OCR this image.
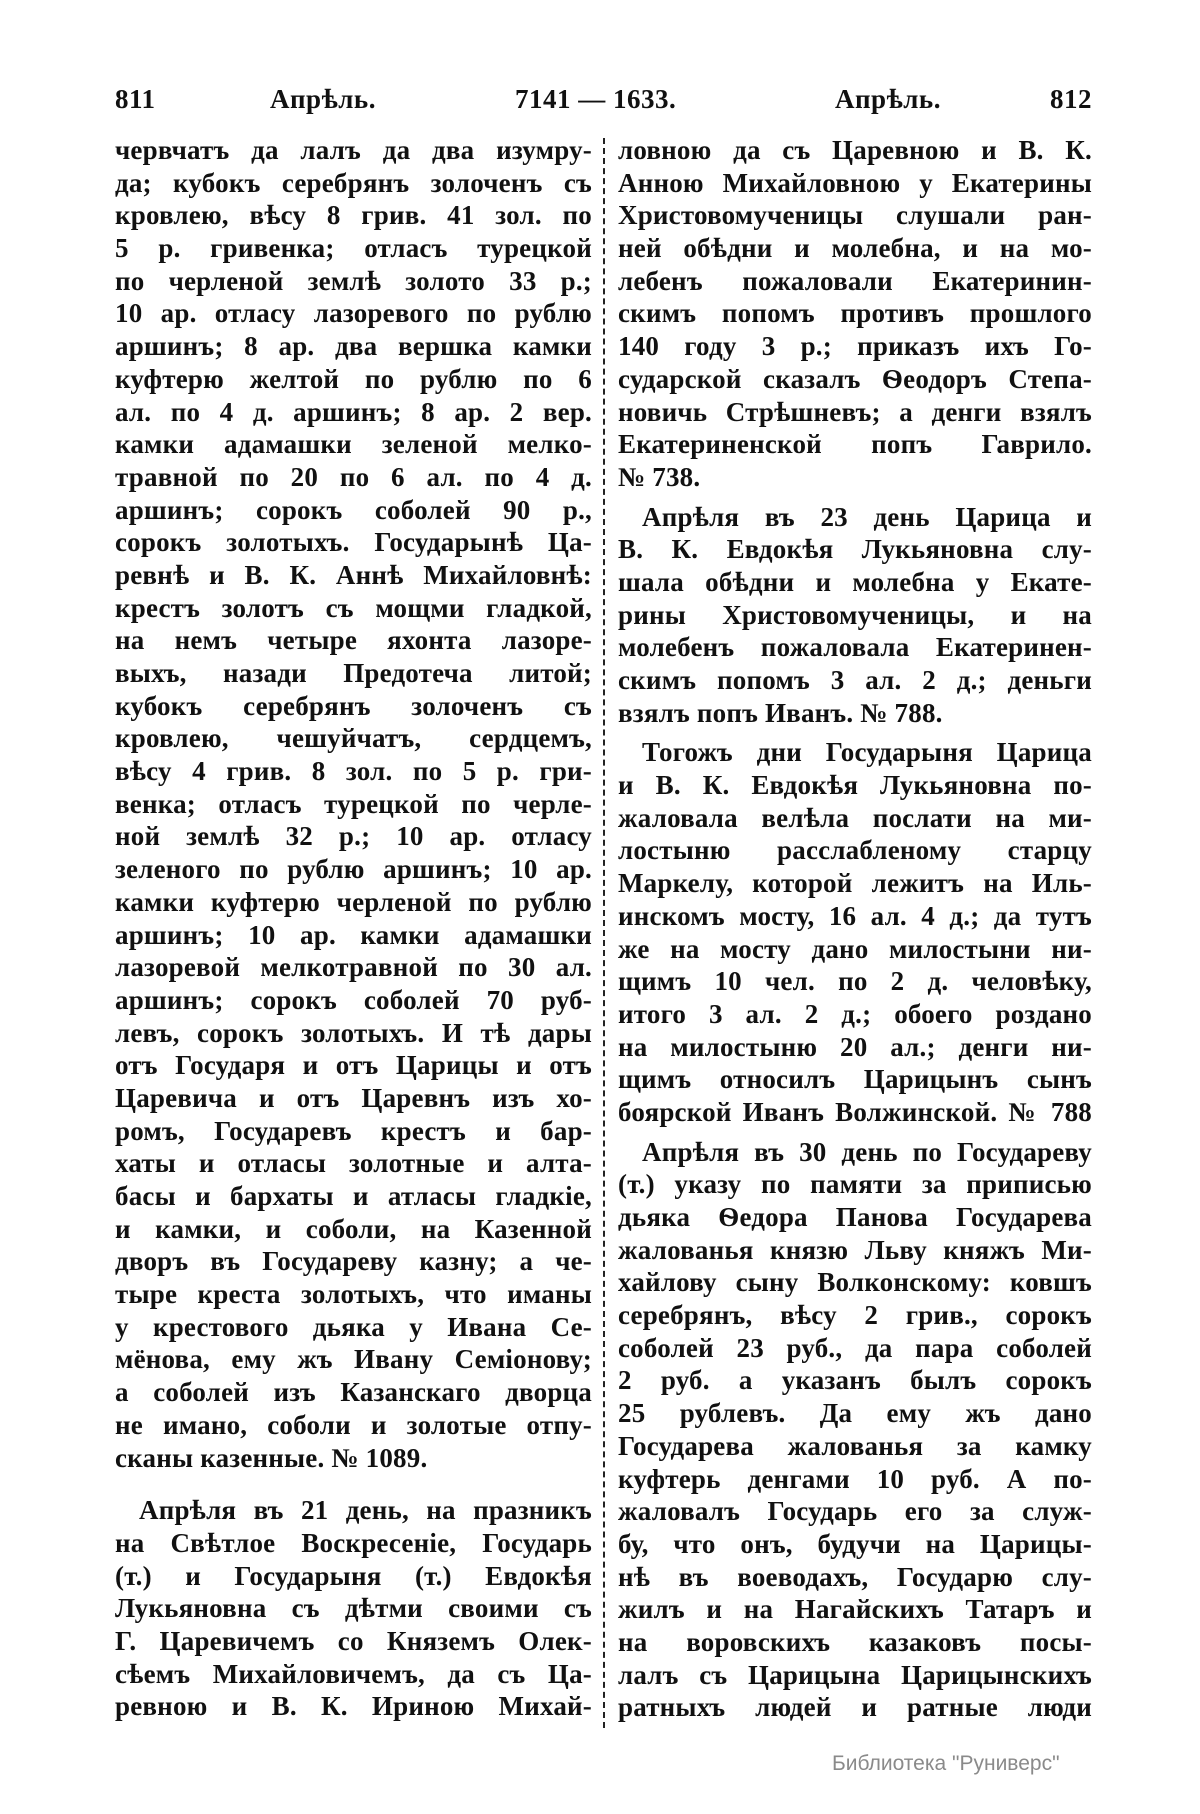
811	Апрѣль.	7141 — 1633.	Апрѣль.	812
червчатъ да лалъ да два изумру-
да; кубокъ серебрянъ золоченъ съ
кровлею, вѣсу 8 грив. 41 зол. по
5 р. гривенка; отласъ турецкой
по черленой землѣ золото 33 р.;
10 ар. отласу лазоревого по рублю
аршинъ; 8 ар. два вершка камки
куфтерю желтой по рублю по 6
ал. по 4 д. аршинъ; 8 ар. 2 вер.
камки адамашки зеленой мелко-
травной по 20 по 6 ал. по 4 д.
аршинъ; сорокъ соболей 90 р.,
сорокъ золотыхъ. Государынѣ Ца-
ревнѣ и В. К. Аннѣ Михайловнѣ:
крестъ золотъ съ мощми гладкой,
на немъ четыре яхонта лазоре-
выхъ, назади Предотеча литой;
кубокъ серебрянъ золоченъ съ
кровлею, чешуйчатъ, сердцемъ,
вѣсу 4 грив. 8 зол. по 5 р. гри-
венка; отласъ турецкой по черле-
ной землѣ 32 р.; 10 ар. отласу
зеленого по рублю аршинъ; 10 ар.
камки куфтерю черленой по рублю
аршинъ; 10 ар. камки адамашки
лазоревой мелкотравной по 30 ал.
аршинъ; сорокъ соболей 70 руб-
левъ, сорокъ золотыхъ. И тѣ дары
отъ Государя и отъ Царицы и отъ
Царевича и отъ Царевнъ изъ хо-
ромъ, Государевъ крестъ и бар-
хаты и отласы золотные и алта-
басы и бархаты и атласы гладкіе,
и камки, и соболи, на Казенной
дворъ въ Государеву казну; а че-
тыре креста золотыхъ, что иманы
у крестового дьяка у Ивана Се-
мёнова, ему жъ Ивану Семіонову;
а соболей изъ Казанскаго дворца
не имано, соболи и золотые отпу-
сканы казенные. № 1089.
Апрѣля въ 21 день, на празникъ
на Свѣтлое Воскресеніе, Государь
(т.) и Государыня (т.) Евдокѣя
Лукьяновна съ дѣтми своими съ
Г. Царевичемъ со Княземъ Олек-
сѣемъ Михайловичемъ, да съ Ца-
ревною и В. К. Ириною Михай-
ловною да съ Царевною и В. К.
Анною Михайловною у Екатерины
Христовомученицы слушали ран-
ней обѣдни и молебна, и на мо-
лебенъ пожаловали Екатеринин-
скимъ попомъ противъ прошлого
140 году 3 р.; приказъ ихъ Го-
сударской сказалъ Ѳеодоръ Степа-
новичь Стрѣшневъ; а денги взялъ
Екатериненской попъ Гаврило.
№ 738.
Апрѣля въ 23 день Царица и
В. К. Евдокѣя Лукьяновна слу-
шала обѣдни и молебна у Екате-
рины Христовомученицы, и на
молебенъ пожаловала Екатеринен-
скимъ попомъ 3 ал. 2 д.; деньги
взялъ попъ Иванъ. № 788.
Тогожъ дни Государыня Царица
и В. К. Евдокѣя Лукьяновна по-
жаловала велѣла послати на ми-
лостыню расслабленому старцу
Маркелу, которой лежитъ на Иль-
инскомъ мосту, 16 ал. 4 д.; да тутъ
же на мосту дано милостыни ни-
щимъ 10 чел. по 2 д. человѣку,
итого 3 ал. 2 д.; обоего роздано
на милостыню 20 ал.; денги ни-
щимъ относилъ Царицынъ сынъ
боярской Иванъ Волжинской. № 788
Апрѣля въ 30 день по Государеву
(т.) указу по памяти за приписью
дьяка Ѳедора Панова Государева
жалованья князю Льву княжъ Ми-
хайлову сыну Волконскому: ковшъ
серебрянъ, вѣсу 2 грив., сорокъ
соболей 23 руб., да пара соболей
2 руб. а указанъ былъ сорокъ
25 рублевъ. Да ему жъ дано
Государева жалованья за камку
куфтерь денгами 10 руб. А по-
жаловалъ Государь его за служ-
бу, что онъ, будучи на Царицы-
нѣ въ воеводахъ, Государю слу-
жилъ и на Нагайскихъ Татаръ и
на воровскихъ казаковъ посы-
лалъ съ Царицына Царицынскихъ
ратныхъ людей и ратные люди
Библиотека "Руниверс"
